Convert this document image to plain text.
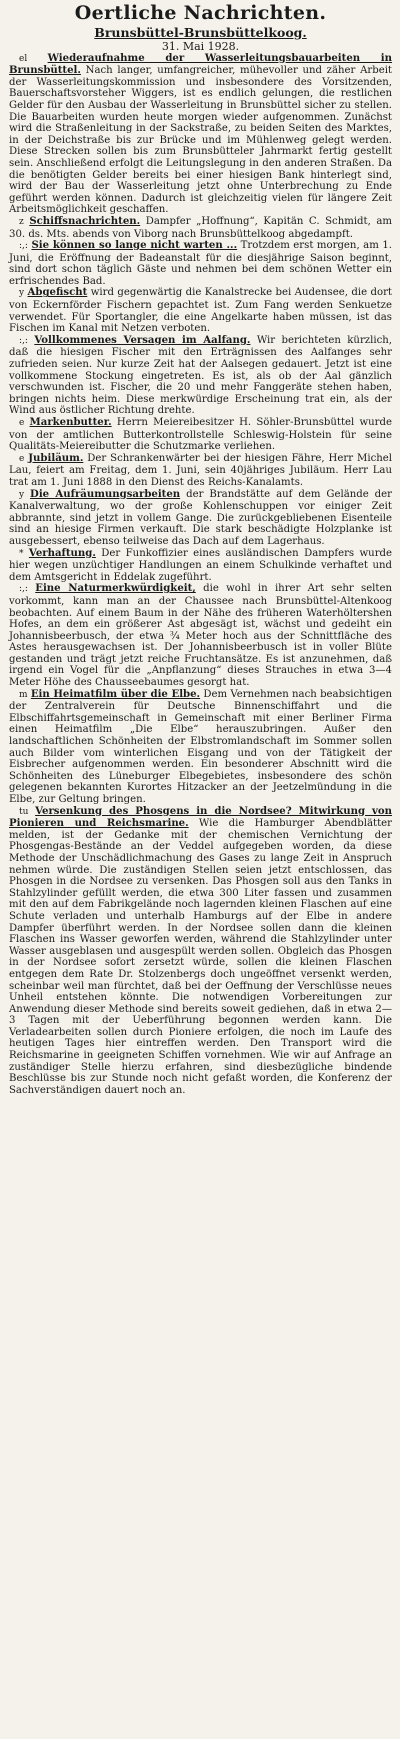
Oertliche Nachrichten.
Brunsbüttel-Brunsbüttelkoog.
31. Mai 1928.

el Wiederaufnahme der Wasserleitungsbauarbeiten in Brunsbüttel. Nach langer, umfangreicher, mühevoller und zäher Arbeit der Wasserleitungskommission und insbesondere des Vorsitzenden, Bauerschaftsvorsteher Wiggers, ist es endlich gelungen, die restlichen Gelder für den Ausbau der Wasserleitung in Brunsbüttel sicher zu stellen. Die Bauarbeiten wurden heute morgen wieder aufgenommen. Zunächst wird die Straßenleitung in der Sackstraße, zu beiden Seiten des Marktes, in der Deichstraße bis zur Brücke und im Mühlenweg gelegt werden. Diese Strecken sollen bis zum Brunsbütteler Jahrmarkt fertig gestellt sein. Anschließend erfolgt die Leitungslegung in den anderen Straßen. Da die benötigten Gelder bereits bei einer hiesigen Bank hinterlegt sind, wird der Bau der Wasserleitung jetzt ohne Unterbrechung zu Ende geführt werden können. Dadurch ist gleichzeitig vielen für längere Zeit Arbeitsmöglichkeit geschaffen.

z Schiffsnachrichten. Dampfer „Hoffnung“, Kapitän C. Schmidt, am 30. ds. Mts. abends von Viborg nach Brunsbüttelkoog abgedampft.

:,: Sie können so lange nicht warten ... Trotzdem erst morgen, am 1. Juni, die Eröffnung der Badeanstalt für die diesjährige Saison beginnt, sind dort schon täglich Gäste und nehmen bei dem schönen Wetter ein erfrischendes Bad.

y Abgefischt wird gegenwärtig die Kanalstrecke bei Audensee, die dort von Eckernförder Fischern gepachtet ist. Zum Fang werden Senkuetze verwendet. Für Sportangler, die eine Angelkarte haben müssen, ist das Fischen im Kanal mit Netzen verboten.

:,: Vollkommenes Versagen im Aalfang. Wir berichteten kürzlich, daß die hiesigen Fischer mit den Erträgnissen des Aalfanges sehr zufrieden seien. Nur kurze Zeit hat der Aalsegen gedauert. Jetzt ist eine vollkommene Stockung eingetreten. Es ist, als ob der Aal gänzlich verschwunden ist. Fischer, die 20 und mehr Fanggeräte stehen haben, bringen nichts heim. Diese merkwürdige Erscheinung trat ein, als der Wind aus östlicher Richtung drehte.

e Markenbutter. Herrn Meiereibesitzer H. Söhler-Brunsbüttel wurde von der amtlichen Butterkontrollstelle Schleswig-Holstein für seine Qualitäts-Meiereibutter die Schutzmarke verliehen.

e Jubiläum. Der Schrankenwärter bei der hiesigen Fähre, Herr Michel Lau, feiert am Freitag, dem 1. Juni, sein 40jähriges Jubiläum. Herr Lau trat am 1. Juni 1888 in den Dienst des Reichs-Kanalamts.

y Die Aufräumungsarbeiten der Brandstätte auf dem Gelände der Kanalverwaltung, wo der große Kohlenschuppen vor einiger Zeit abbrannte, sind jetzt in vollem Gange. Die zurückgebliebenen Eisenteile sind an hiesige Firmen verkauft. Die stark beschädigte Holzplanke ist ausgebessert, ebenso teilweise das Dach auf dem Lagerhaus.

* Verhaftung. Der Funkoffizier eines ausländischen Dampfers wurde hier wegen unzüchtiger Handlungen an einem Schulkinde verhaftet und dem Amtsgericht in Eddelak zugeführt.

:,: Eine Naturmerkwürdigkeit, die wohl in ihrer Art sehr selten vorkommt, kann man an der Chaussee nach Brunsbüttel-Altenkoog beobachten. Auf einem Baum in der Nähe des früheren Waterhöltershen Hofes, an dem ein größerer Ast abgesägt ist, wächst und gedeiht ein Johannisbeerbusch, der etwa ¾ Meter hoch aus der Schnittfläche des Astes herausgewachsen ist. Der Johannisbeerbusch ist in voller Blüte gestanden und trägt jetzt reiche Fruchtansätze. Es ist anzunehmen, daß irgend ein Vogel für die „Anpflanzung“ dieses Strauches in etwa 3—4 Meter Höhe des Chausseebaumes gesorgt hat.

m Ein Heimatfilm über die Elbe. Dem Vernehmen nach beabsichtigen der Zentralverein für Deutsche Binnenschiffahrt und die Elbschiffahrtsgemeinschaft in Gemeinschaft mit einer Berliner Firma einen Heimatfilm „Die Elbe“ herauszubringen. Außer den landschaftlichen Schönheiten der Elbstromlandschaft im Sommer sollen auch Bilder vom winterlichen Eisgang und von der Tätigkeit der Eisbrecher aufgenommen werden. Ein besonderer Abschnitt wird die Schönheiten des Lüneburger Elbegebietes, insbesondere des schön gelegenen bekannten Kurortes Hitzacker an der Jeetzelmündung in die Elbe, zur Geltung bringen.

tu Versenkung des Phosgens in die Nordsee? Mitwirkung von Pionieren und Reichsmarine. Wie die Hamburger Abendblätter melden, ist der Gedanke mit der chemischen Vernichtung der Phosgengas-Bestände an der Veddel aufgegeben worden, da diese Methode der Unschädlichmachung des Gases zu lange Zeit in Anspruch nehmen würde. Die zuständigen Stellen seien jetzt entschlossen, das Phosgen in die Nordsee zu versenken. Das Phosgen soll aus den Tanks in Stahlzylinder gefüllt werden, die etwa 300 Liter fassen und zusammen mit den auf dem Fabrikgelände noch lagernden kleinen Flaschen auf eine Schute verladen und unterhalb Hamburgs auf der Elbe in andere Dampfer überführt werden. In der Nordsee sollen dann die kleinen Flaschen ins Wasser geworfen werden, während die Stahlzylinder unter Wasser ausgeblasen und ausgespült werden sollen. Obgleich das Phosgen in der Nordsee sofort zersetzt würde, sollen die kleinen Flaschen entgegen dem Rate Dr. Stolzenbergs doch ungeöffnet versenkt werden, scheinbar weil man fürchtet, daß bei der Oeffnung der Verschlüsse neues Unheil entstehen könnte. Die notwendigen Vorbereitungen zur Anwendung dieser Methode sind bereits soweit gediehen, daß in etwa 2—3 Tagen mit der Ueberführung begonnen werden kann. Die Verladearbeiten sollen durch Pioniere erfolgen, die noch im Laufe des heutigen Tages hier eintreffen werden. Den Transport wird die Reichsmarine in geeigneten Schiffen vornehmen. Wie wir auf Anfrage an zuständiger Stelle hierzu erfahren, sind diesbezügliche bindende Beschlüsse bis zur Stunde noch nicht gefaßt worden, die Konferenz der Sachverständigen dauert noch an.
